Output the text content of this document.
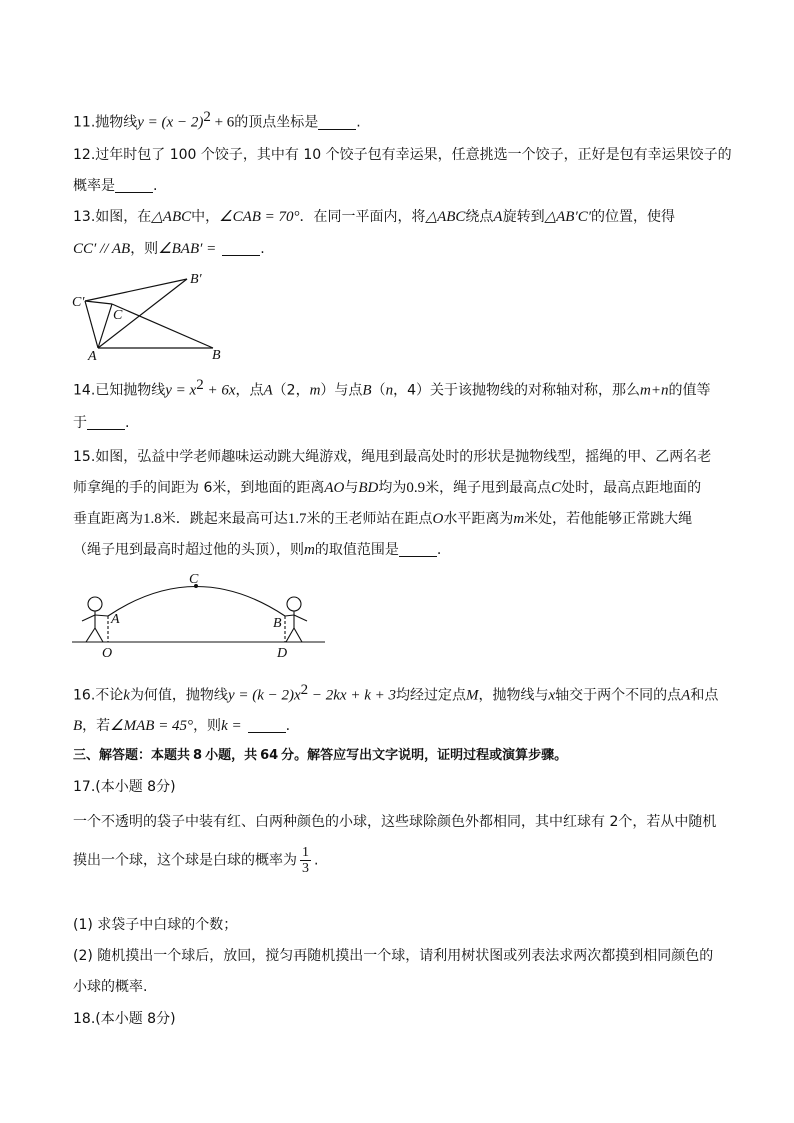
11.抛物线$y = (x - 2)^2 + 6$的顶点坐标是	.
12.过年时包了 100 个饺子，其中有 10 个饺子包有幸运果，任意挑选一个饺子，正好是包有幸运果饺子的
概率是	.
13.如图，在△ABC中，∠CAB = 70°．在同一平面内，将△ABC绕点A旋转到△AB′C′的位置，使得
CC′ // AB，则∠BAB′ =	.
B′
C′
C
A	B
14.已知抛物线$y = x^2 + 6x$，点A（2，m）与点B（n，4）关于该抛物线的对称轴对称，那么m+n的值等
于	.
15.如图，弘益中学老师趣味运动跳大绳游戏，绳甩到最高处时的形状是抛物线型，摇绳的甲、乙两名老
师拿绳的手的间距为 6米，到地面的距离AO与BD均为0.9米，绳子甩到最高点C处时，最高点距地面的
垂直距离为1.8米．跳起来最高可达1.7米的王老师站在距点O水平距离为m米处，若他能够正常跳大绳
（绳子甩到最高时超过他的头顶），则m的取值范围是	.
C
A	B
O	D
16.不论k为何值，抛物线$y = (k - 2)x^2 - 2kx + k + 3$均经过定点M，抛物线与x轴交于两个不同的点A和点
B，若∠MAB = 45°，则k =	.
三、解答题：本题共 8 小题，共 64 分。解答应写出文字说明，证明过程或演算步骤。
17.(本小题 8分)
一个不透明的袋子中装有红、白两种颜色的小球，这些球除颜色外都相同，其中红球有 2个，若从中随机
摸出一个球，这个球是白球的概率为 $\frac{1}{3}$ .
(1) 求袋子中白球的个数；
(2) 随机摸出一个球后，放回，搅匀再随机摸出一个球，请利用树状图或列表法求两次都摸到相同颜色的
小球的概率.
18.(本小题 8分)
